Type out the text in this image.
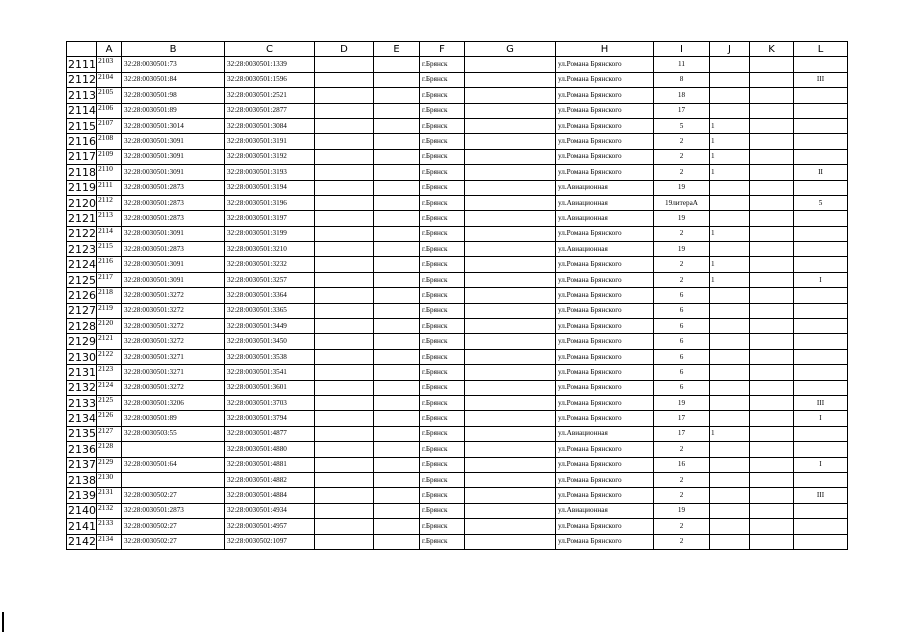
	A	B	C	D	E	F	G	H	I	J	K	L
2111	2103	32:28:0030501:73	32:28:0030501:1339			г.Брянск		ул.Романа Брянского	11			
2112	2104	32:28:0030501:84	32:28:0030501:1596			г.Брянск		ул.Романа Брянского	8			III
2113	2105	32:28:0030501:98	32:28:0030501:2521			г.Брянск		ул.Романа Брянского	18			
2114	2106	32:28:0030501:89	32:28:0030501:2877			г.Брянск		ул.Романа Брянского	17			
2115	2107	32:28:0030501:3014	32:28:0030501:3084			г.Брянск		ул.Романа Брянского	5	1		
2116	2108	32:28:0030501:3091	32:28:0030501:3191			г.Брянск		ул.Романа Брянского	2	1		
2117	2109	32:28:0030501:3091	32:28:0030501:3192			г.Брянск		ул.Романа Брянского	2	1		
2118	2110	32:28:0030501:3091	32:28:0030501:3193			г.Брянск		ул.Романа Брянского	2	1		II
2119	2111	32:28:0030501:2873	32:28:0030501:3194			г.Брянск		ул.Авиационная	19			
2120	2112	32:28:0030501:2873	32:28:0030501:3196			г.Брянск		ул.Авиационная	19литераА			5
2121	2113	32:28:0030501:2873	32:28:0030501:3197			г.Брянск		ул.Авиационная	19			
2122	2114	32:28:0030501:3091	32:28:0030501:3199			г.Брянск		ул.Романа Брянского	2	1		
2123	2115	32:28:0030501:2873	32:28:0030501:3210			г.Брянск		ул.Авиационная	19			
2124	2116	32:28:0030501:3091	32:28:0030501:3232			г.Брянск		ул.Романа Брянского	2	1		
2125	2117	32:28:0030501:3091	32:28:0030501:3257			г.Брянск		ул.Романа Брянского	2	1		I
2126	2118	32:28:0030501:3272	32:28:0030501:3364			г.Брянск		ул.Романа Брянского	6			
2127	2119	32:28:0030501:3272	32:28:0030501:3365			г.Брянск		ул.Романа Брянского	6			
2128	2120	32:28:0030501:3272	32:28:0030501:3449			г.Брянск		ул.Романа Брянского	6			
2129	2121	32:28:0030501:3272	32:28:0030501:3450			г.Брянск		ул.Романа Брянского	6			
2130	2122	32:28:0030501:3271	32:28:0030501:3538			г.Брянск		ул.Романа Брянского	6			
2131	2123	32:28:0030501:3271	32:28:0030501:3541			г.Брянск		ул.Романа Брянского	6			
2132	2124	32:28:0030501:3272	32:28:0030501:3601			г.Брянск		ул.Романа Брянского	6			
2133	2125	32:28:0030501:3206	32:28:0030501:3703			г.Брянск		ул.Романа Брянского	19			III
2134	2126	32:28:0030501:89	32:28:0030501:3794			г.Брянск		ул.Романа Брянского	17			I
2135	2127	32:28:0030503:55	32:28:0030501:4877			г.Брянск		ул.Авиационная	17	1		
2136	2128		32:28:0030501:4880			г.Брянск		ул.Романа Брянского	2			
2137	2129	32:28:0030501:64	32:28:0030501:4881			г.Брянск		ул.Романа Брянского	16			I
2138	2130		32:28:0030501:4882			г.Брянск		ул.Романа Брянского	2			
2139	2131	32:28:0030502:27	32:28:0030501:4884			г.Брянск		ул.Романа Брянского	2			III
2140	2132	32:28:0030501:2873	32:28:0030501:4934			г.Брянск		ул.Авиационная	19			
2141	2133	32:28:0030502:27	32:28:0030501:4957			г.Брянск		ул.Романа Брянского	2			
2142	2134	32:28:0030502:27	32:28:0030502:1097			г.Брянск		ул.Романа Брянского	2			
